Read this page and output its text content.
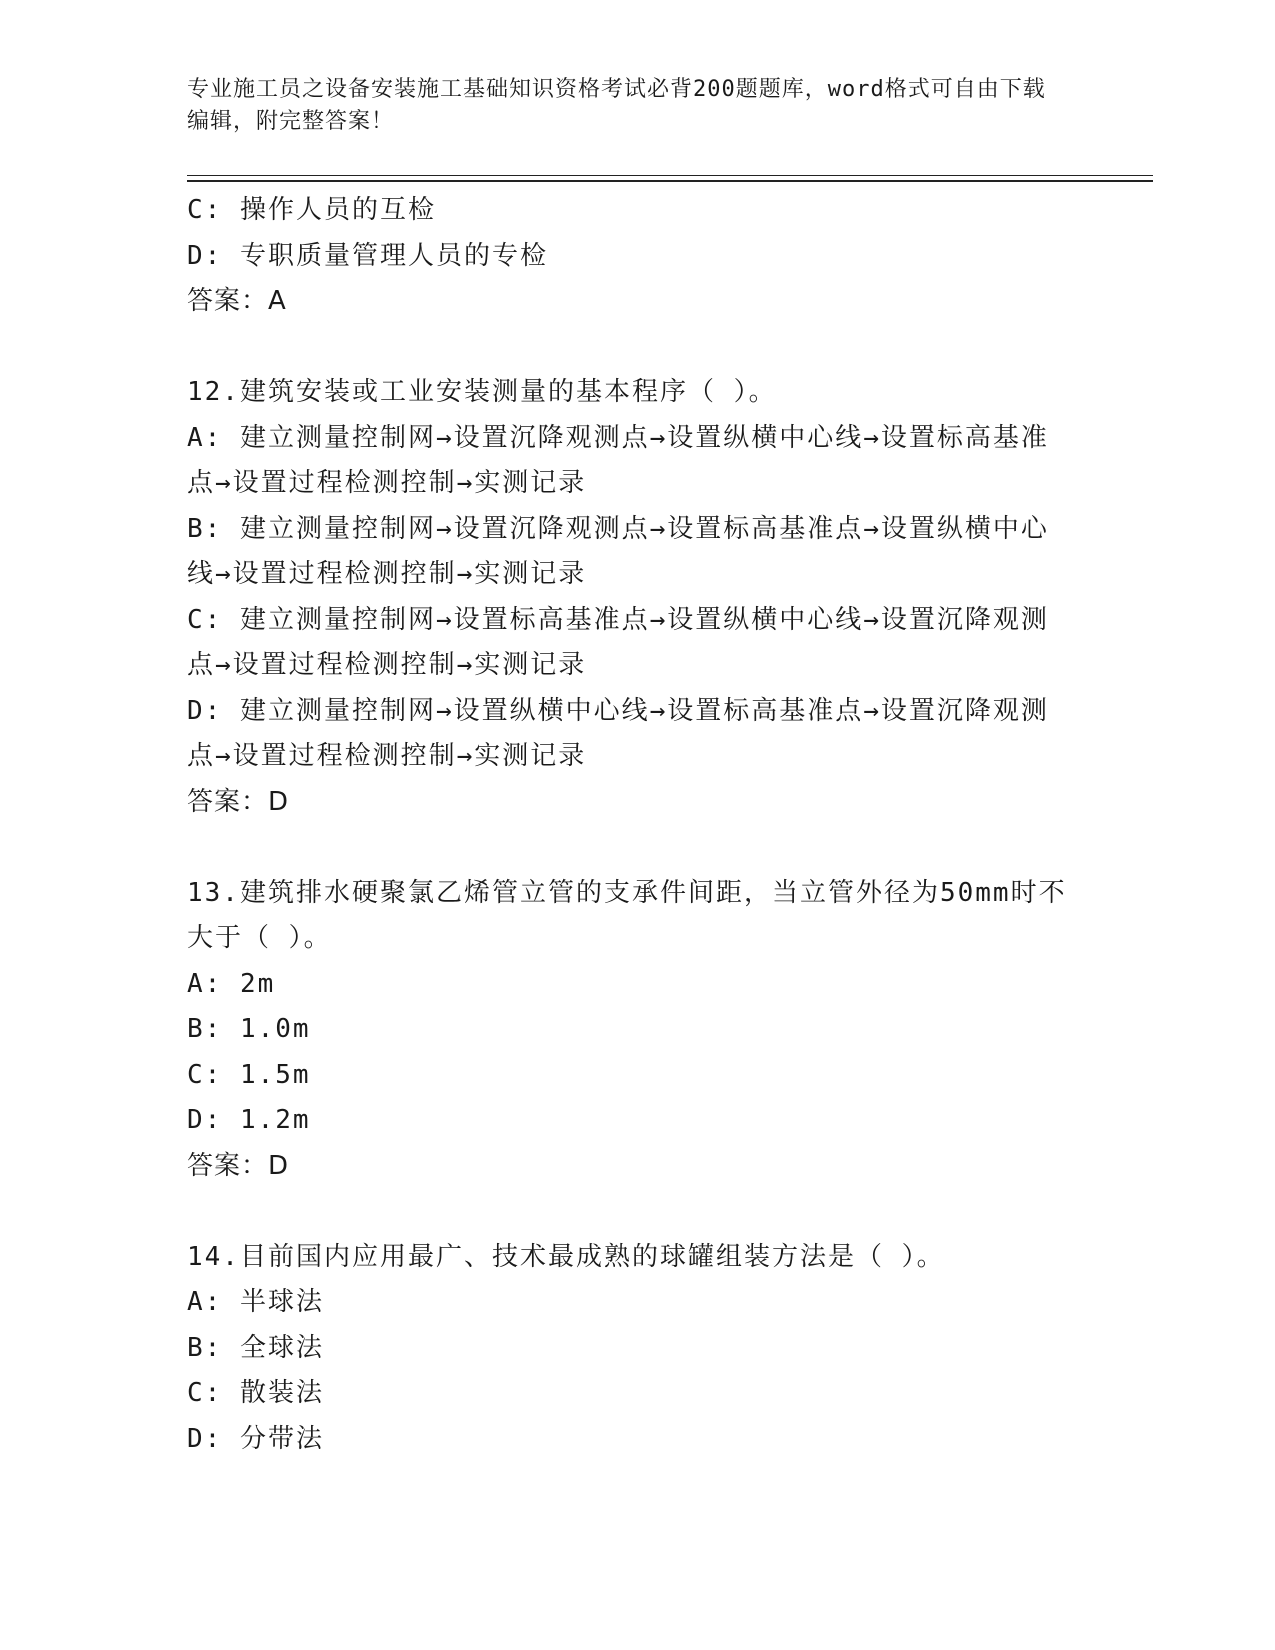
专业施工员之设备安装施工基础知识资格考试必背200题题库，word格式可自由下载编辑，附完整答案！
C: 操作人员的互检
D: 专职质量管理人员的专检
答案：A
12.建筑安装或工业安装测量的基本程序（ ）。
A: 建立测量控制网→设置沉降观测点→设置纵横中心线→设置标高基准点→设置过程检测控制→实测记录
B: 建立测量控制网→设置沉降观测点→设置标高基准点→设置纵横中心线→设置过程检测控制→实测记录
C: 建立测量控制网→设置标高基准点→设置纵横中心线→设置沉降观测点→设置过程检测控制→实测记录
D: 建立测量控制网→设置纵横中心线→设置标高基准点→设置沉降观测点→设置过程检测控制→实测记录
答案：D
13.建筑排水硬聚氯乙烯管立管的支承件间距，当立管外径为50mm时不大于（ ）。
A: 2m
B: 1.0m
C: 1.5m
D: 1.2m
答案：D
14.目前国内应用最广、技术最成熟的球罐组装方法是（ ）。
A: 半球法
B: 全球法
C: 散装法
D: 分带法
